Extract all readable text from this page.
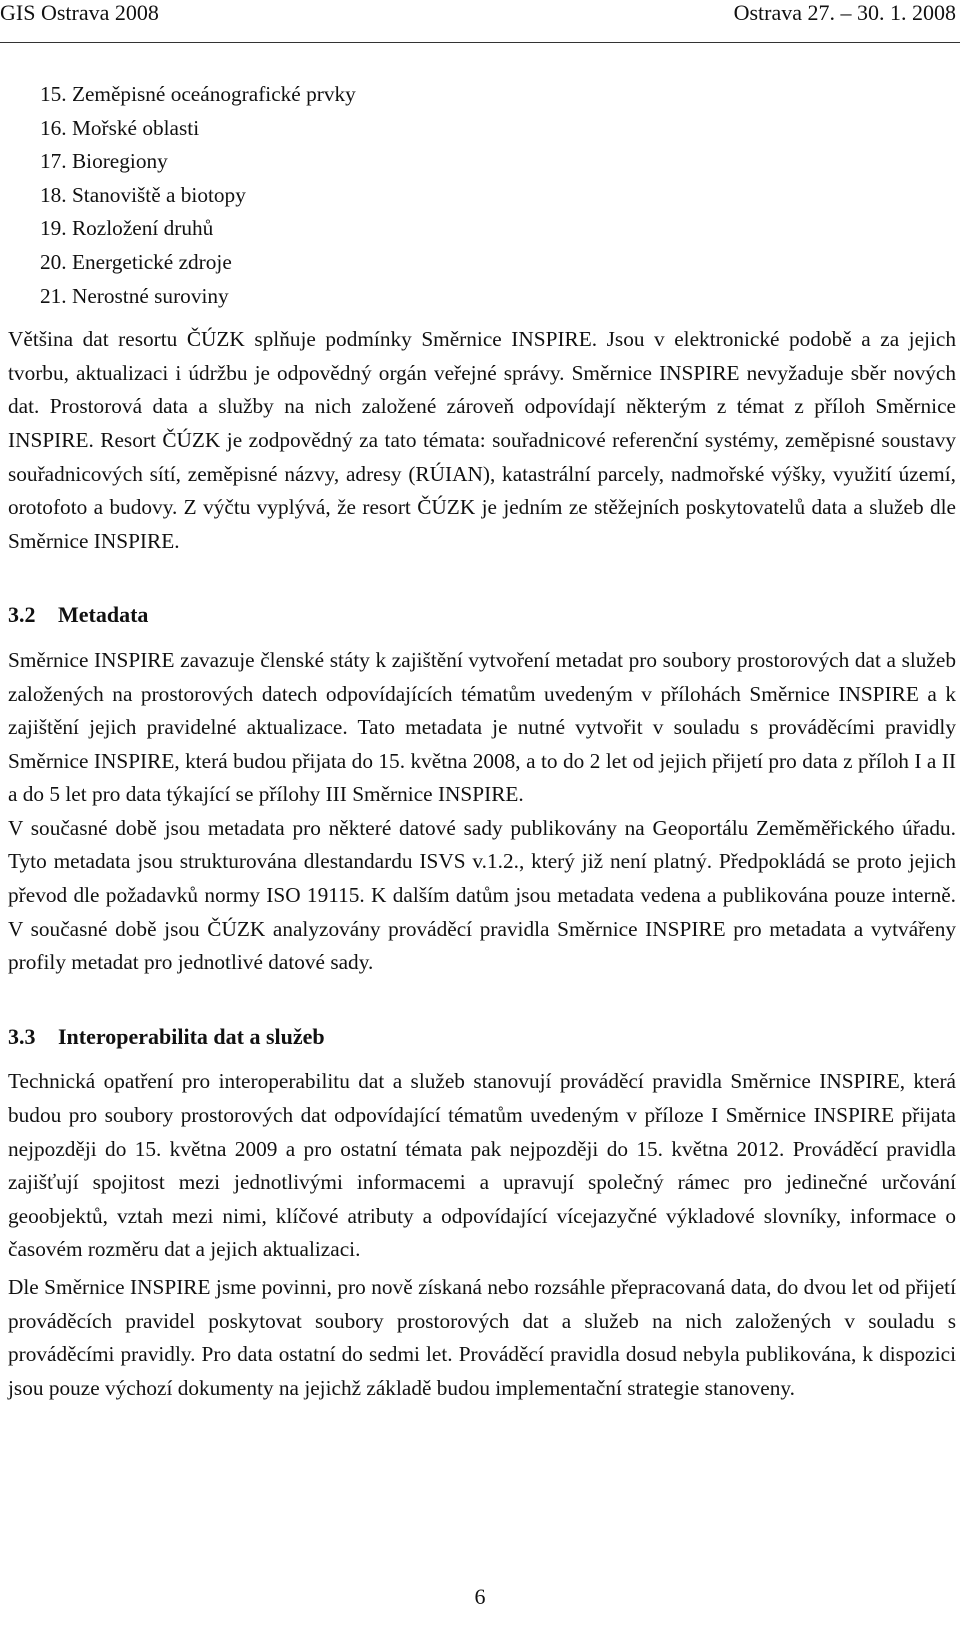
GIS Ostrava 2008	Ostrava 27. – 30. 1. 2008
15. Zeměpisné oceánografické prvky
16. Mořské oblasti
17. Bioregiony
18. Stanoviště a biotopy
19. Rozložení druhů
20. Energetické zdroje
21. Nerostné suroviny

Většina dat resortu ČÚZK splňuje podmínky Směrnice INSPIRE. Jsou v elektronické podobě a za jejich tvorbu, aktualizaci i údržbu je odpovědný orgán veřejné správy. Směrnice INSPIRE nevyžaduje sběr nových dat. Prostorová data a služby na nich založené zároveň odpovídají některým z témat z příloh Směrnice INSPIRE. Resort ČÚZK je zodpovědný za tato témata: souřadnicové referenční systémy, zeměpisné soustavy souřadnicových sítí, zeměpisné názvy, adresy (RÚIAN), katastrální parcely, nadmořské výšky, využití území, orotofoto a budovy. Z výčtu vyplývá, že resort ČÚZK je jedním ze stěžejních poskytovatelů data a služeb dle Směrnice INSPIRE.

3.2 Metadata

Směrnice INSPIRE zavazuje členské státy k zajištění vytvoření metadat pro soubory prostorových dat a služeb založených na prostorových datech odpovídajících tématům uvedeným v přílohách Směrnice INSPIRE a k zajištění jejich pravidelné aktualizace. Tato metadata je nutné vytvořit v souladu s prováděcími pravidly Směrnice INSPIRE, která budou přijata do 15. května 2008, a to do 2 let od jejich přijetí pro data z příloh I a II a do 5 let pro data týkající se přílohy III Směrnice INSPIRE.

V současné době jsou metadata pro některé datové sady publikovány na Geoportálu Zeměměřického úřadu. Tyto metadata jsou strukturována dlestandardu ISVS v.1.2., který již není platný. Předpokládá se proto jejich převod dle požadavků normy ISO 19115. K dalším datům jsou metadata vedena a publikována pouze interně. V současné době jsou ČÚZK analyzovány prováděcí pravidla Směrnice INSPIRE pro metadata a vytvářeny profily metadat pro jednotlivé datové sady.

3.3 Interoperabilita dat a služeb

Technická opatření pro interoperabilitu dat a služeb stanovují prováděcí pravidla Směrnice INSPIRE, která budou pro soubory prostorových dat odpovídající tématům uvedeným v příloze I Směrnice INSPIRE přijata nejpozději do 15. května 2009 a pro ostatní témata pak nejpozději do 15. května 2012. Prováděcí pravidla zajišťují spojitost mezi jednotlivými informacemi a upravují společný rámec pro jedinečné určování geoobjektů, vztah mezi nimi, klíčové atributy a odpovídající vícejazyčné výkladové slovníky, informace o časovém rozměru dat a jejich aktualizaci.

Dle Směrnice INSPIRE jsme povinni, pro nově získaná nebo rozsáhle přepracovaná data, do dvou let od přijetí prováděcích pravidel poskytovat soubory prostorových dat a služeb na nich založených v souladu s prováděcími pravidly. Pro data ostatní do sedmi let. Prováděcí pravidla dosud nebyla publikována, k dispozici jsou pouze výchozí dokumenty na jejichž základě budou implementační strategie stanoveny.

6
